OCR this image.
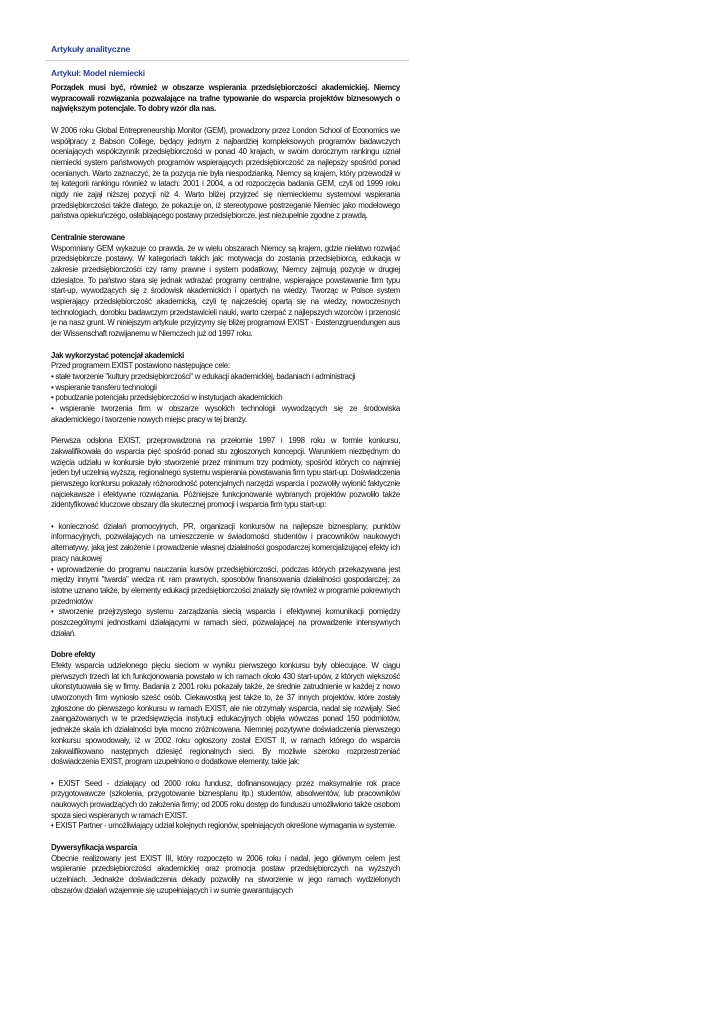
Artykuły analityczne
Artykuł: Model niemiecki

Porządek musi być, również w obszarze wspierania przedsiębiorczości akademickiej. Niemcy wypracowali rozwiązania pozwalające na trafne typowanie do wsparcia projektów biznesowych o największym potencjale. To dobry wzór dla nas.

W 2006 roku Global Entrepreneurship Monitor (GEM), prowadzony przez London School of Economics we współpracy z Babson College, będący jednym z najbardziej kompleksowych programów badawczych oceniających współczynnik przedsiębiorczości w ponad 40 krajach, w swoim dorocznym rankingu uznał niemiecki system państwowych programów wspierających przedsiębiorczość za najlepszy spośród ponad ocenianych. Warto zaznaczyć, że ta pozycja nie była niespodzianką. Niemcy są krajem, który przewodził w tej kategorii rankingu również w latach: 2001 i 2004, a od rozpoczęcia badania GEM, czyli od 1999 roku nigdy nie zajął niższej pozycji niż 4. Warto bliżej przyjrzeć się niemieckiemu systemowi wspierania przedsiębiorczości także dlatego, że pokazuje on, iż stereotypowe postrzeganie Niemiec jako modelowego państwa opiekuńczego, osłabiającego postawy przedsiębiorcze, jest niezupełnie zgodne z prawdą.

Centralnie sterowane

Wspomniany GEM wykazuje co prawda, że w wielu obszarach Niemcy są krajem, gdzie niełatwo rozwijać przedsiębiorcze postawy. W kategoriach takich jak: motywacja do zostania przedsiębiorcą, edukacja w zakresie przedsiębiorczości czy ramy prawne i system podatkowy, Niemcy zajmują pozycje w drugiej dziesiątce. To państwo stara się jednak wdrażać programy centralne, wspierające powstawanie firm typu start-up, wywodzących się z środowisk akademickich i opartych na wiedzy. Tworząc w Polsce system wspierający przedsiębiorczość akademicką, czyli tę najcześciej opartą się na wiedzy, nowoczesnych technologiach, dorobku badawczym przedstawicieli nauki, warto czerpać z najlepszych wzorców i przenosić je na nasz grunt. W niniejszym artykule przyjrzymy się bliżej programowi EXIST - Existenzgruendungen aus der Wissenschaft rozwijanemu w Niemczech już od 1997 roku.

Jak wykorzystać potencjał akademicki
Przed programem EXIST postawiono następujące cele:
• stałe tworzenie "kultury przedsiębiorczości" w edukacji akademickiej, badaniach i administracji
• wspieranie transferu technologii
• pobudzanie potencjału przedsiębiorczości w instytucjach akademickich
• wspieranie tworzenia firm w obszarze wysokich technologii wywodzących się ze środowiska akademickiego i tworzenie nowych miejsc pracy w tej branży.

Pierwsza odsłona EXIST, przeprowadzona na przełomie 1997 i 1998 roku w formie konkursu, zakwalifikowała do wsparcia pięć spośród ponad stu zgłoszonych koncepcji. Warunkiem niezbędnym do wzięcia udziału w konkursie było stworzenie przez minimum trzy podmioty, spośród których co najmniej jeden był uczelnią wyższą, regionalnego systemu wspierania powstawania firm typu start-up. Doświadczenia pierwszego konkursu pokazały różnorodność potencjalnych narzędzi wsparcia i pozwoliły wyłonić faktycznie najciekawsze i efektywne rozwiązania. Późniejsze funkcjonowanie wybranych projektów pozwoliło także zidentyfikować kluczowe obszary dla skutecznej promocji i wsparcia firm typu start-up:

• konieczność działań promocyjnych, PR, organizacji konkursów na najlepsze biznesplany, punktów informacyjnych, pozwalających na umieszczenie w świadomości studentów i pracowników naukowych alternatywy, jaką jest założenie i prowadzenie własnej działalności gospodarczej komercjalizującej efekty ich pracy naukowej
• wprowadzenie do programu nauczania kursów przedsiębiorczości, podczas których przekazywana jest między innymi "twarda" wiedza nt. ram prawnych, sposobów finansowania działalności gospodarczej; za istotne uznano także, by elementy edukacji przedsiębiorczości znalazły się również w programie pokrewnych przedmiotów
• stworzenie przejrzystego systemu zarządzania siecią wsparcia i efektywnej komunikacji pomiędzy poszczególnymi jednostkami działającymi w ramach sieci, pozwalającej na prowadzenie intensywnych działań.
Dobre efekty

Efekty wsparcia udzielonego pięciu sieciom w wyniku pierwszego konkursu były obiecujące. W ciągu pierwszych trzech lat ich funkcjonowania powstało w ich ramach około 430 start-upów, z których większość ukonstytuowała się w firmy. Badania z 2001 roku pokazały także, że średnie zatrudnienie w każdej z nowo utworzonych firm wyniosło sześć osób. Ciekawostką jest także to, że 37 innych projektów, które zostały zgłoszone do pierwszego konkursu w ramach EXIST, ale nie otrzymały wsparcia, nadal się rozwijały. Sieć zaangażowanych w te przedsięwzięcia instytucji edukacyjnych objęła wówczas ponad 150 podmiotów, jednakże skala ich działalności była mocno zróżnicowana. Niemniej pozytywne doświadczenia pierwszego konkursu spowodowały, iż w 2002 roku ogłoszony został EXIST II, w ramach którego do wsparcia zakwalifikowano następnych dziesięć regionalnych sieci. By możliwie szeroko rozprzestrzeniać doświadczenia EXIST, program uzupełniono o dodatkowe elementy, takie jak:

• EXIST Seed - działający od 2000 roku fundusz, dofinansowujący przez maksymalnie rok prace przygotowawcze (szkolenia, przygotowanie biznesplanu itp.) studentów, absolwentów, lub pracowników naukowych prowadzących do założenia firmy; od 2005 roku dostęp do funduszu umożliwiono także osobom spoza sieci wspieranych w ramach EXIST.
• EXIST Partner - umożliwiający udział kolejnych regionów, spełniających określone wymagania w systemie.
Dywersyfikacja wsparcia

Obecnie realizowany jest EXIST III, który rozpoczęto w 2006 roku i nadal, jego głównym celem jest wspieranie przedsiębiorczości akademickiej oraz promocja postaw przedsiębiorczych na wyższych uczelniach. Jednakże doświadczenia dekady pozwoliły na stworzenie w jego ramach wydzielonych obszarów działań wzajemnie się uzupełniających i w sumie gwarantujących
